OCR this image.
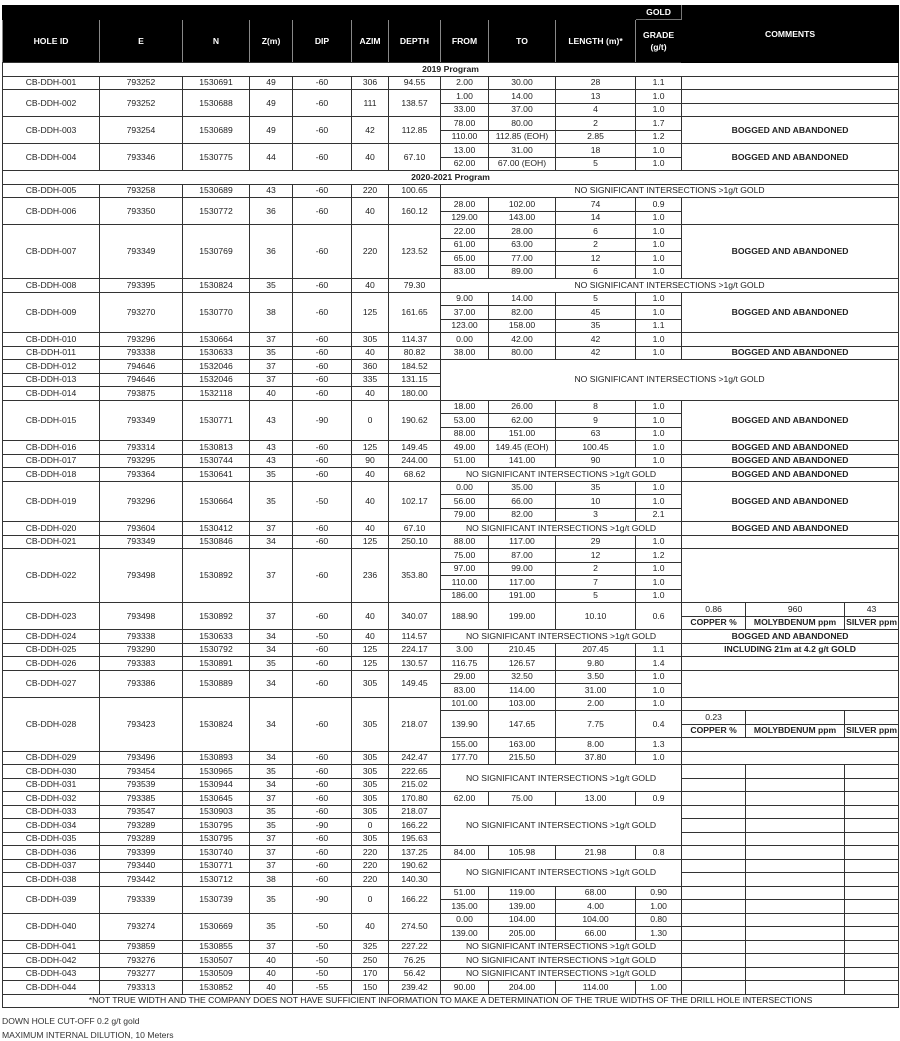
										GOLD	COMMENTS		
HOLE ID	E	N	Z(m)	DIP	AZIM	DEPTH	FROM	TO	LENGTH (m)*	GRADE
(g/t)			
2019 Program													
CB-DDH-001	793252	1530691	49	-60	306	94.55	2.00	30.00	28	1.1			
CB-DDH-002	793252	1530688	49	-60	111	138.57	1.00	14.00	13	1.0			
							33.00	37.00	4	1.0			
CB-DDH-003	793254	1530689	49	-60	42	112.85	78.00	80.00	2	1.7	BOGGED AND ABANDONED		
							110.00	112.85 (EOH)	2.85	1.2			
CB-DDH-004	793346	1530775	44	-60	40	67.10	13.00	31.00	18	1.0	BOGGED AND ABANDONED		
							62.00	67.00 (EOH)	5	1.0			
2020-2021 Program													
CB-DDH-005	793258	1530689	43	-60	220	100.65	NO SIGNIFICANT INTERSECTIONS >1g/t GOLD						
CB-DDH-006	793350	1530772	36	-60	40	160.12	28.00	102.00	74	0.9			
							129.00	143.00	14	1.0			
CB-DDH-007	793349	1530769	36	-60	220	123.52	22.00	28.00	6	1.0	BOGGED AND ABANDONED		
							61.00	63.00	2	1.0			
							65.00	77.00	12	1.0			
							83.00	89.00	6	1.0			
CB-DDH-008	793395	1530824	35	-60	40	79.30	NO SIGNIFICANT INTERSECTIONS >1g/t GOLD						
CB-DDH-009	793270	1530770	38	-60	125	161.65	9.00	14.00	5	1.0	BOGGED AND ABANDONED		
							37.00	82.00	45	1.0			
							123.00	158.00	35	1.1			
CB-DDH-010	793296	1530664	37	-60	305	114.37	0.00	42.00	42	1.0			
CB-DDH-011	793338	1530633	35	-60	40	80.82	38.00	80.00	42	1.0	BOGGED AND ABANDONED		
CB-DDH-012	794646	1532046	37	-60	360	184.52	NO SIGNIFICANT INTERSECTIONS >1g/t GOLD						
CB-DDH-013	794646	1532046	37	-60	335	131.15							
CB-DDH-014	793875	1532118	40	-60	40	180.00							
CB-DDH-015	793349	1530771	43	-90	0	190.62	18.00	26.00	8	1.0	BOGGED AND ABANDONED		
							53.00	62.00	9	1.0			
							88.00	151.00	63	1.0			
CB-DDH-016	793314	1530813	43	-60	125	149.45	49.00	149.45 (EOH)	100.45	1.0	BOGGED AND ABANDONED		
CB-DDH-017	793295	1530744	43	-60	90	244.00	51.00	141.00	90	1.0	BOGGED AND ABANDONED		
CB-DDH-018	793364	1530641	35	-60	40	68.62	NO SIGNIFICANT INTERSECTIONS >1g/t GOLD				BOGGED AND ABANDONED		
CB-DDH-019	793296	1530664	35	-50	40	102.17	0.00	35.00	35	1.0	BOGGED AND ABANDONED		
							56.00	66.00	10	1.0			
							79.00	82.00	3	2.1			
CB-DDH-020	793604	1530412	37	-60	40	67.10	NO SIGNIFICANT INTERSECTIONS >1g/t GOLD				BOGGED AND ABANDONED		
CB-DDH-021	793349	1530846	34	-60	125	250.10	88.00	117.00	29	1.0			
CB-DDH-022	793498	1530892	37	-60	236	353.80	75.00	87.00	12	1.2			
							97.00	99.00	2	1.0			
							110.00	117.00	7	1.0			
							186.00	191.00	5	1.0			
CB-DDH-023	793498	1530892	37	-60	40	340.07	188.90	199.00	10.10	0.6	0.86	960	43
											COPPER %	MOLYBDENUM ppm	SILVER ppm
CB-DDH-024	793338	1530633	34	-50	40	114.57	NO SIGNIFICANT INTERSECTIONS >1g/t GOLD				BOGGED AND ABANDONED		
CB-DDH-025	793290	1530792	34	-60	125	224.17	3.00	210.45	207.45	1.1	INCLUDING 21m at 4.2 g/t GOLD		
CB-DDH-026	793383	1530891	35	-60	125	130.57	116.75	126.57	9.80	1.4			
CB-DDH-027	793386	1530889	34	-60	305	149.45	29.00	32.50	3.50	1.0			
							83.00	114.00	31.00	1.0			
CB-DDH-028	793423	1530824	34	-60	305	218.07	101.00	103.00	2.00	1.0			
							139.90	147.65	7.75	0.4	0.23		
											COPPER %	MOLYBDENUM ppm	SILVER ppm
							155.00	163.00	8.00	1.3			
CB-DDH-029	793496	1530893	34	-60	305	242.47	177.70	215.50	37.80	1.0			
CB-DDH-030	793454	1530965	35	-60	305	222.65	NO SIGNIFICANT INTERSECTIONS >1g/t GOLD						
CB-DDH-031	793539	1530944	34	-60	305	215.02							
CB-DDH-032	793385	1530645	37	-60	305	170.80	62.00	75.00	13.00	0.9			
CB-DDH-033	793547	1530903	35	-60	305	218.07	NO SIGNIFICANT INTERSECTIONS >1g/t GOLD						
CB-DDH-034	793289	1530795	35	-90	0	166.22							
CB-DDH-035	793289	1530795	37	-60	305	195.63							
CB-DDH-036	793399	1530740	37	-60	220	137.25	84.00	105.98	21.98	0.8			
CB-DDH-037	793440	1530771	37	-60	220	190.62	NO SIGNIFICANT INTERSECTIONS >1g/t GOLD						
CB-DDH-038	793442	1530712	38	-60	220	140.30							
CB-DDH-039	793339	1530739	35	-90	0	166.22	51.00	119.00	68.00	0.90			
							135.00	139.00	4.00	1.00			
CB-DDH-040	793274	1530669	35	-50	40	274.50	0.00	104.00	104.00	0.80			
							139.00	205.00	66.00	1.30			
CB-DDH-041	793859	1530855	37	-50	325	227.22	NO SIGNIFICANT INTERSECTIONS >1g/t GOLD						
CB-DDH-042	793276	1530507	40	-50	250	76.25	NO SIGNIFICANT INTERSECTIONS >1g/t GOLD						
CB-DDH-043	793277	1530509	40	-50	170	56.42	NO SIGNIFICANT INTERSECTIONS >1g/t GOLD						
CB-DDH-044	793313	1530852	40	-55	150	239.42	90.00	204.00	114.00	1.00			
*NOT TRUE WIDTH AND THE COMPANY DOES NOT HAVE SUFFICIENT INFORMATION TO MAKE A DETERMINATION OF THE TRUE WIDTHS OF THE DRILL HOLE INTERSECTIONS													
DOWN HOLE CUT-OFF 0.2 g/t gold
MAXIMUM INTERNAL DILUTION, 10 Meters
